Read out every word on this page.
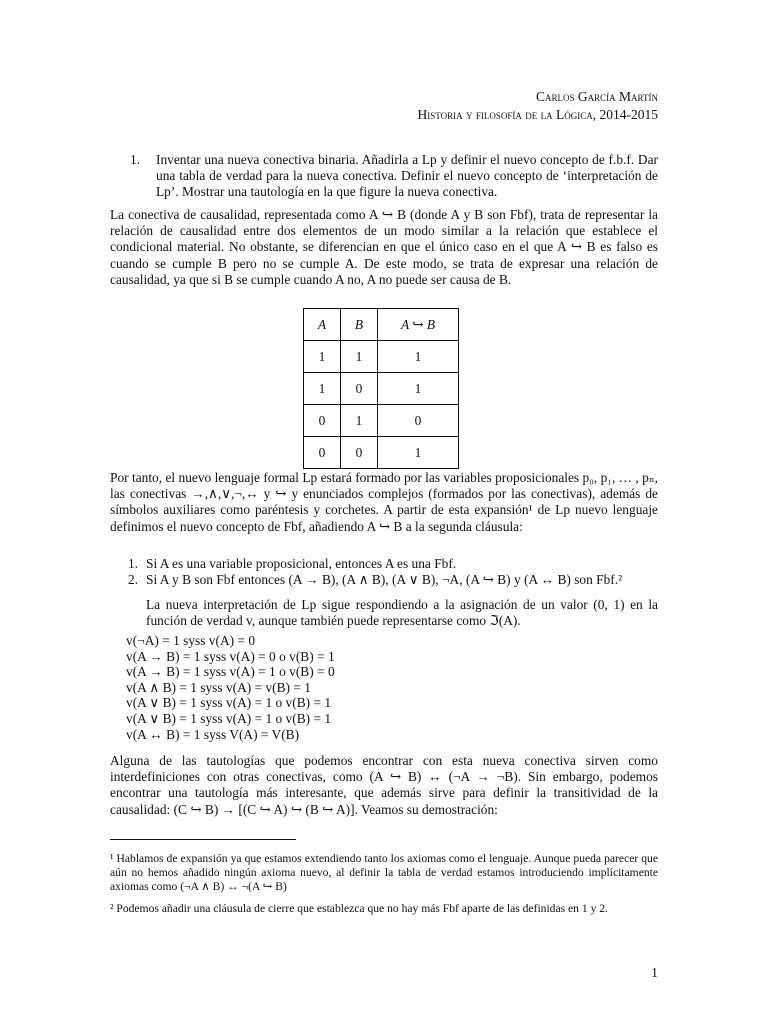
Carlos García Martín
Historia y filosofía de la Lógica, 2014-2015
1. Inventar una nueva conectiva binaria. Añadirla a Lp y definir el nuevo concepto de f.b.f. Dar una tabla de verdad para la nueva conectiva. Definir el nuevo concepto de ‘interpretación de Lp’. Mostrar una tautología en la que figure la nueva conectiva.
La conectiva de causalidad, representada como A ↪ B (donde A y B son Fbf), trata de representar la relación de causalidad entre dos elementos de un modo similar a la relación que establece el condicional material. No obstante, se diferencian en que el único caso en el que A ↪ B es falso es cuando se cumple B pero no se cumple A. De este modo, se trata de expresar una relación de causalidad, ya que si B se cumple cuando A no, A no puede ser causa de B.
A	B	A ↪ B
1	1	1
1	0	1
0	1	0
0	0	1
Por tanto, el nuevo lenguaje formal Lp estará formado por las variables proposicionales p₀, p₁, … , pₙ, las conectivas →,∧,∨,¬,↔ y ↪ y enunciados complejos (formados por las conectivas), además de símbolos auxiliares como paréntesis y corchetes. A partir de esta expansión¹ de Lp nuevo lenguaje definimos el nuevo concepto de Fbf, añadiendo A ↪ B a la segunda cláusula:
1. Si A es una variable proposicional, entonces A es una Fbf.
2. Si A y B son Fbf entonces (A → B), (A ∧ B), (A ∨ B), ¬A, (A ↪ B) y (A ↔ B) son Fbf.²
La nueva interpretación de Lp sigue respondiendo a la asignación de un valor (0, 1) en la función de verdad v, aunque también puede representarse como ℑ(A).
v(¬A) = 1 syss v(A) = 0
v(A → B) = 1 syss v(A) = 0 o v(B) = 1
v(A → B) = 1 syss v(A) = 1 o v(B) = 0
v(A ∧ B) = 1 syss v(A) = v(B) = 1
v(A ∨ B) = 1 syss v(A) = 1 o v(B) = 1
v(A ∨ B) = 1 syss v(A) = 1 o v(B) = 1
v(A ↔ B) = 1 syss V(A) = V(B)
Alguna de las tautologías que podemos encontrar con esta nueva conectiva sirven como interdefiniciones con otras conectivas, como (A ↪ B) ↔ (¬A → ¬B). Sin embargo, podemos encontrar una tautología más interesante, que además sirve para definir la transitividad de la causalidad: (C ↪ B) → [(C ↪ A) ↪ (B ↪ A)]. Veamos su demostración:
¹ Hablamos de expansión ya que estamos extendiendo tanto los axiomas como el lenguaje. Aunque pueda parecer que aún no hemos añadido ningún axioma nuevo, al definir la tabla de verdad estamos introduciendo implícitamente axiomas como (¬A ∧ B) ↔ ¬(A ↪ B)
² Podemos añadir una cláusula de cierre que establezca que no hay más Fbf aparte de las definidas en 1 y 2.
1
